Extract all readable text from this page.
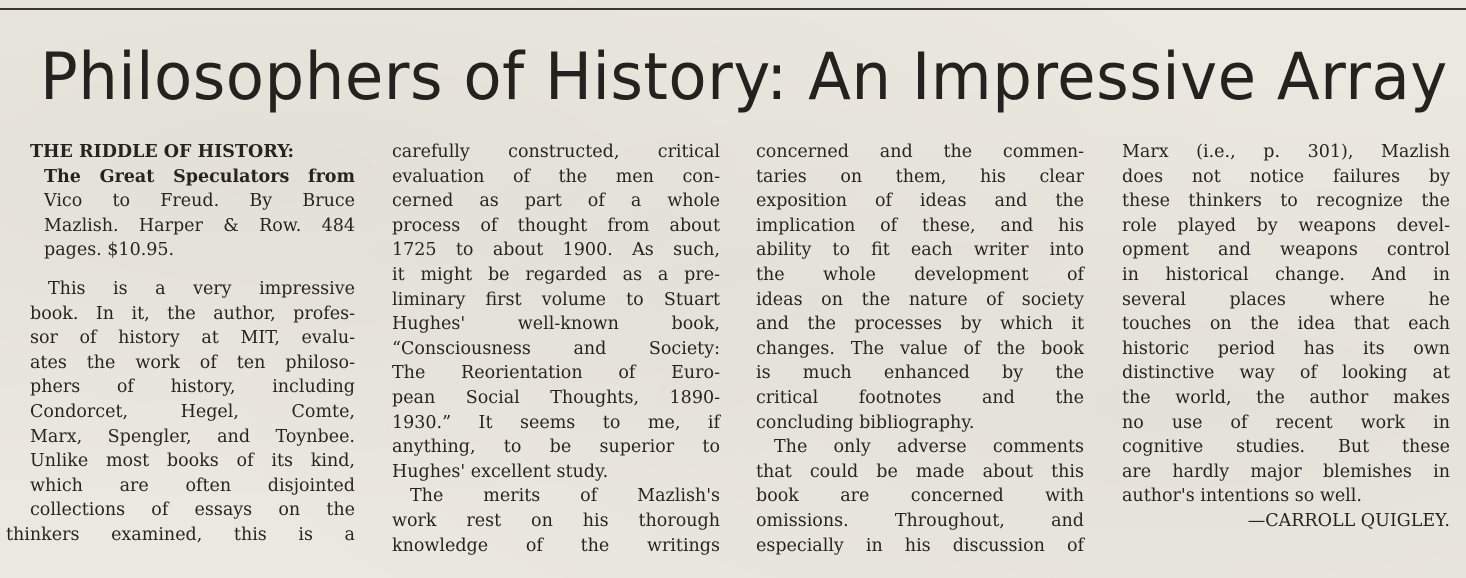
Philosophers of History: An Impressive Array
THE RIDDLE OF HISTORY:
The Great Speculators from
Vico to Freud. By Bruce
Mazlish. Harper & Row. 484
pages. $10.95.
This is a very impressive
book. In it, the author, profes-
sor of history at MIT, evalu-
ates the work of ten philoso-
phers of history, including
Condorcet, Hegel, Comte,
Marx, Spengler, and Toynbee.
Unlike most books of its kind,
which are often disjointed
collections of essays on the
thinkers examined, this is a
carefully constructed, critical
evaluation of the men con-
cerned as part of a whole
process of thought from about
1725 to about 1900. As such,
it might be regarded as a pre-
liminary first volume to Stuart
Hughes' well-known book,
“Consciousness and Society:
The Reorientation of Euro-
pean Social Thoughts, 1890-
1930.” It seems to me, if
anything, to be superior to
Hughes' excellent study.
The merits of Mazlish's
work rest on his thorough
knowledge of the writings
concerned and the commen-
taries on them, his clear
exposition of ideas and the
implication of these, and his
ability to fit each writer into
the whole development of
ideas on the nature of society
and the processes by which it
changes. The value of the book
is much enhanced by the
critical footnotes and the
concluding bibliography.
The only adverse comments
that could be made about this
book are concerned with
omissions. Throughout, and
especially in his discussion of
Marx (i.e., p. 301), Mazlish
does not notice failures by
these thinkers to recognize the
role played by weapons devel-
opment and weapons control
in historical change. And in
several places where he
touches on the idea that each
historic period has its own
distinctive way of looking at
the world, the author makes
no use of recent work in
cognitive studies. But these
are hardly major blemishes in
author's intentions so well.
—CARROLL QUIGLEY.
